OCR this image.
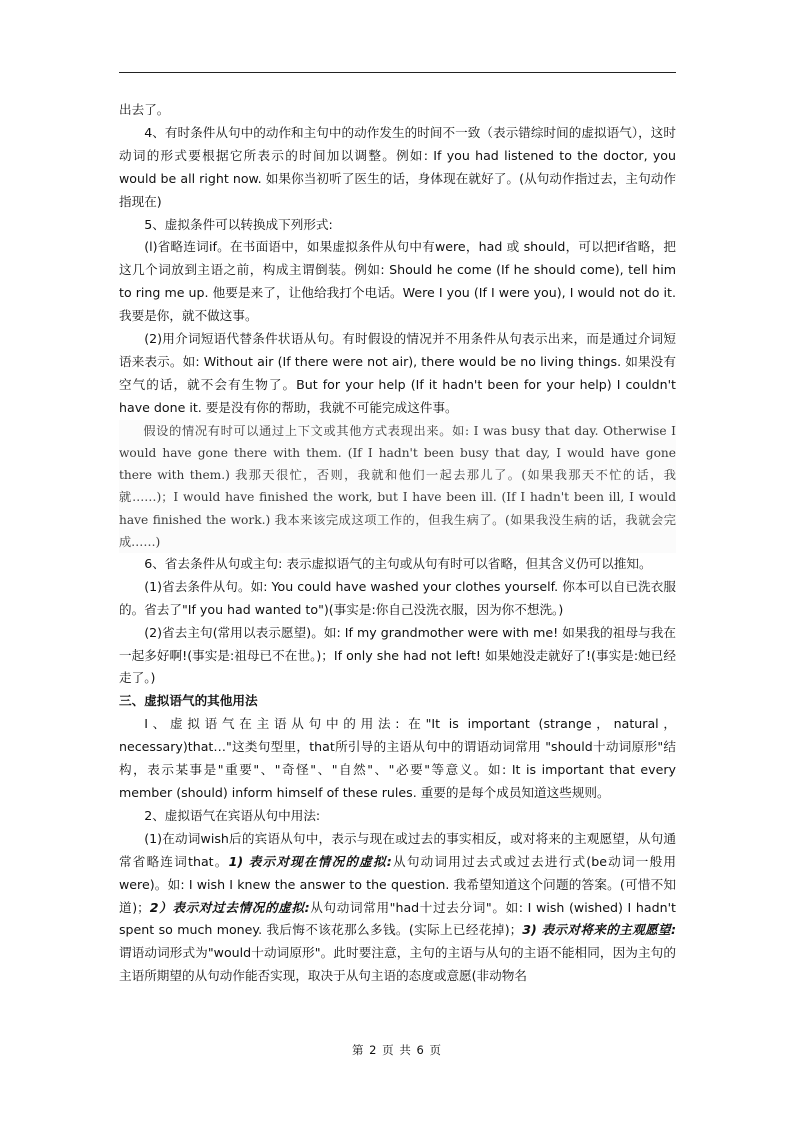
出去了。

4、有时条件从句中的动作和主句中的动作发生的时间不一致（表示错综时间的虚拟语气），这时动词的形式要根据它所表示的时间加以调整。例如: If you had listened to the doctor, you would be all right now. 如果你当初听了医生的话，身体现在就好了。(从句动作指过去，主句动作指现在)

5、虚拟条件可以转换成下列形式:

(l)省略连词if。在书面语中，如果虚拟条件从句中有were，had 或 should，可以把if省略，把这几个词放到主语之前，构成主谓倒装。例如: Should he come (If he should come), tell him to ring me up. 他要是来了，让他给我打个电话。Were I you (If I were you), I would not do it. 我要是你，就不做这事。

(2)用介词短语代替条件状语从句。有时假设的情况并不用条件从句表示出来，而是通过介词短语来表示。如: Without air (If there were not air), there would be no living things. 如果没有空气的话，就不会有生物了。But for your help (If it hadn't been for your help) I couldn't have done it. 要是没有你的帮助，我就不可能完成这件事。

假设的情况有时可以通过上下文或其他方式表现出来。如: I was busy that day. Otherwise I would have gone there with them. (If I hadn't been busy that day, I would have gone there with them.) 我那天很忙，否则，我就和他们一起去那儿了。(如果我那天不忙的话，我就……)；I would have finished the work, but I have been ill. (If I hadn't been ill, I would have finished the work.) 我本来该完成这项工作的，但我生病了。(如果我没生病的话，我就会完成……)

6、省去条件从句或主句: 表示虚拟语气的主句或从句有时可以省略，但其含义仍可以推知。

(1)省去条件从句。如: You could have washed your clothes yourself. 你本可以自已洗衣服的。省去了"If you had wanted to")(事实是:你自己没洗衣服，因为你不想洗。)

(2)省去主句(常用以表示愿望)。如: If my grandmother were with me! 如果我的祖母与我在一起多好啊!(事实是:祖母已不在世。)；If only she had not left! 如果她没走就好了!(事实是:她已经走了。)

三、虚拟语气的其他用法

I、虚拟语气在主语从句中的用法: 在"It is important (strange，natural，necessary)that…"这类句型里，that所引导的主语从句中的谓语动词常用 "should十动词原形"结构，表示某事是"重要"、"奇怪"、"自然"、"必要"等意义。如: It is important that every member (should) inform himself of these rules. 重要的是每个成员知道这些规则。

2、虚拟语气在宾语从句中用法:

(1)在动词wish后的宾语从句中，表示与现在或过去的事实相反，或对将来的主观愿望，从句通常省略连词that。1) 表示对现在情况的虚拟:从句动词用过去式或过去进行式(be动词一般用were)。如: I wish I knew the answer to the question. 我希望知道这个问题的答案。(可惜不知道)；2）表示对过去情况的虚拟:从句动词常用"had十过去分词"。如: I wish (wished) I hadn't spent so much money. 我后悔不该花那么多钱。(实际上已经花掉)；3) 表示对将来的主观愿望:谓语动词形式为"would十动词原形"。此时要注意，主句的主语与从句的主语不能相同，因为主句的主语所期望的从句动作能否实现，取决于从句主语的态度或意愿(非动物名

第 2 页 共 6 页
